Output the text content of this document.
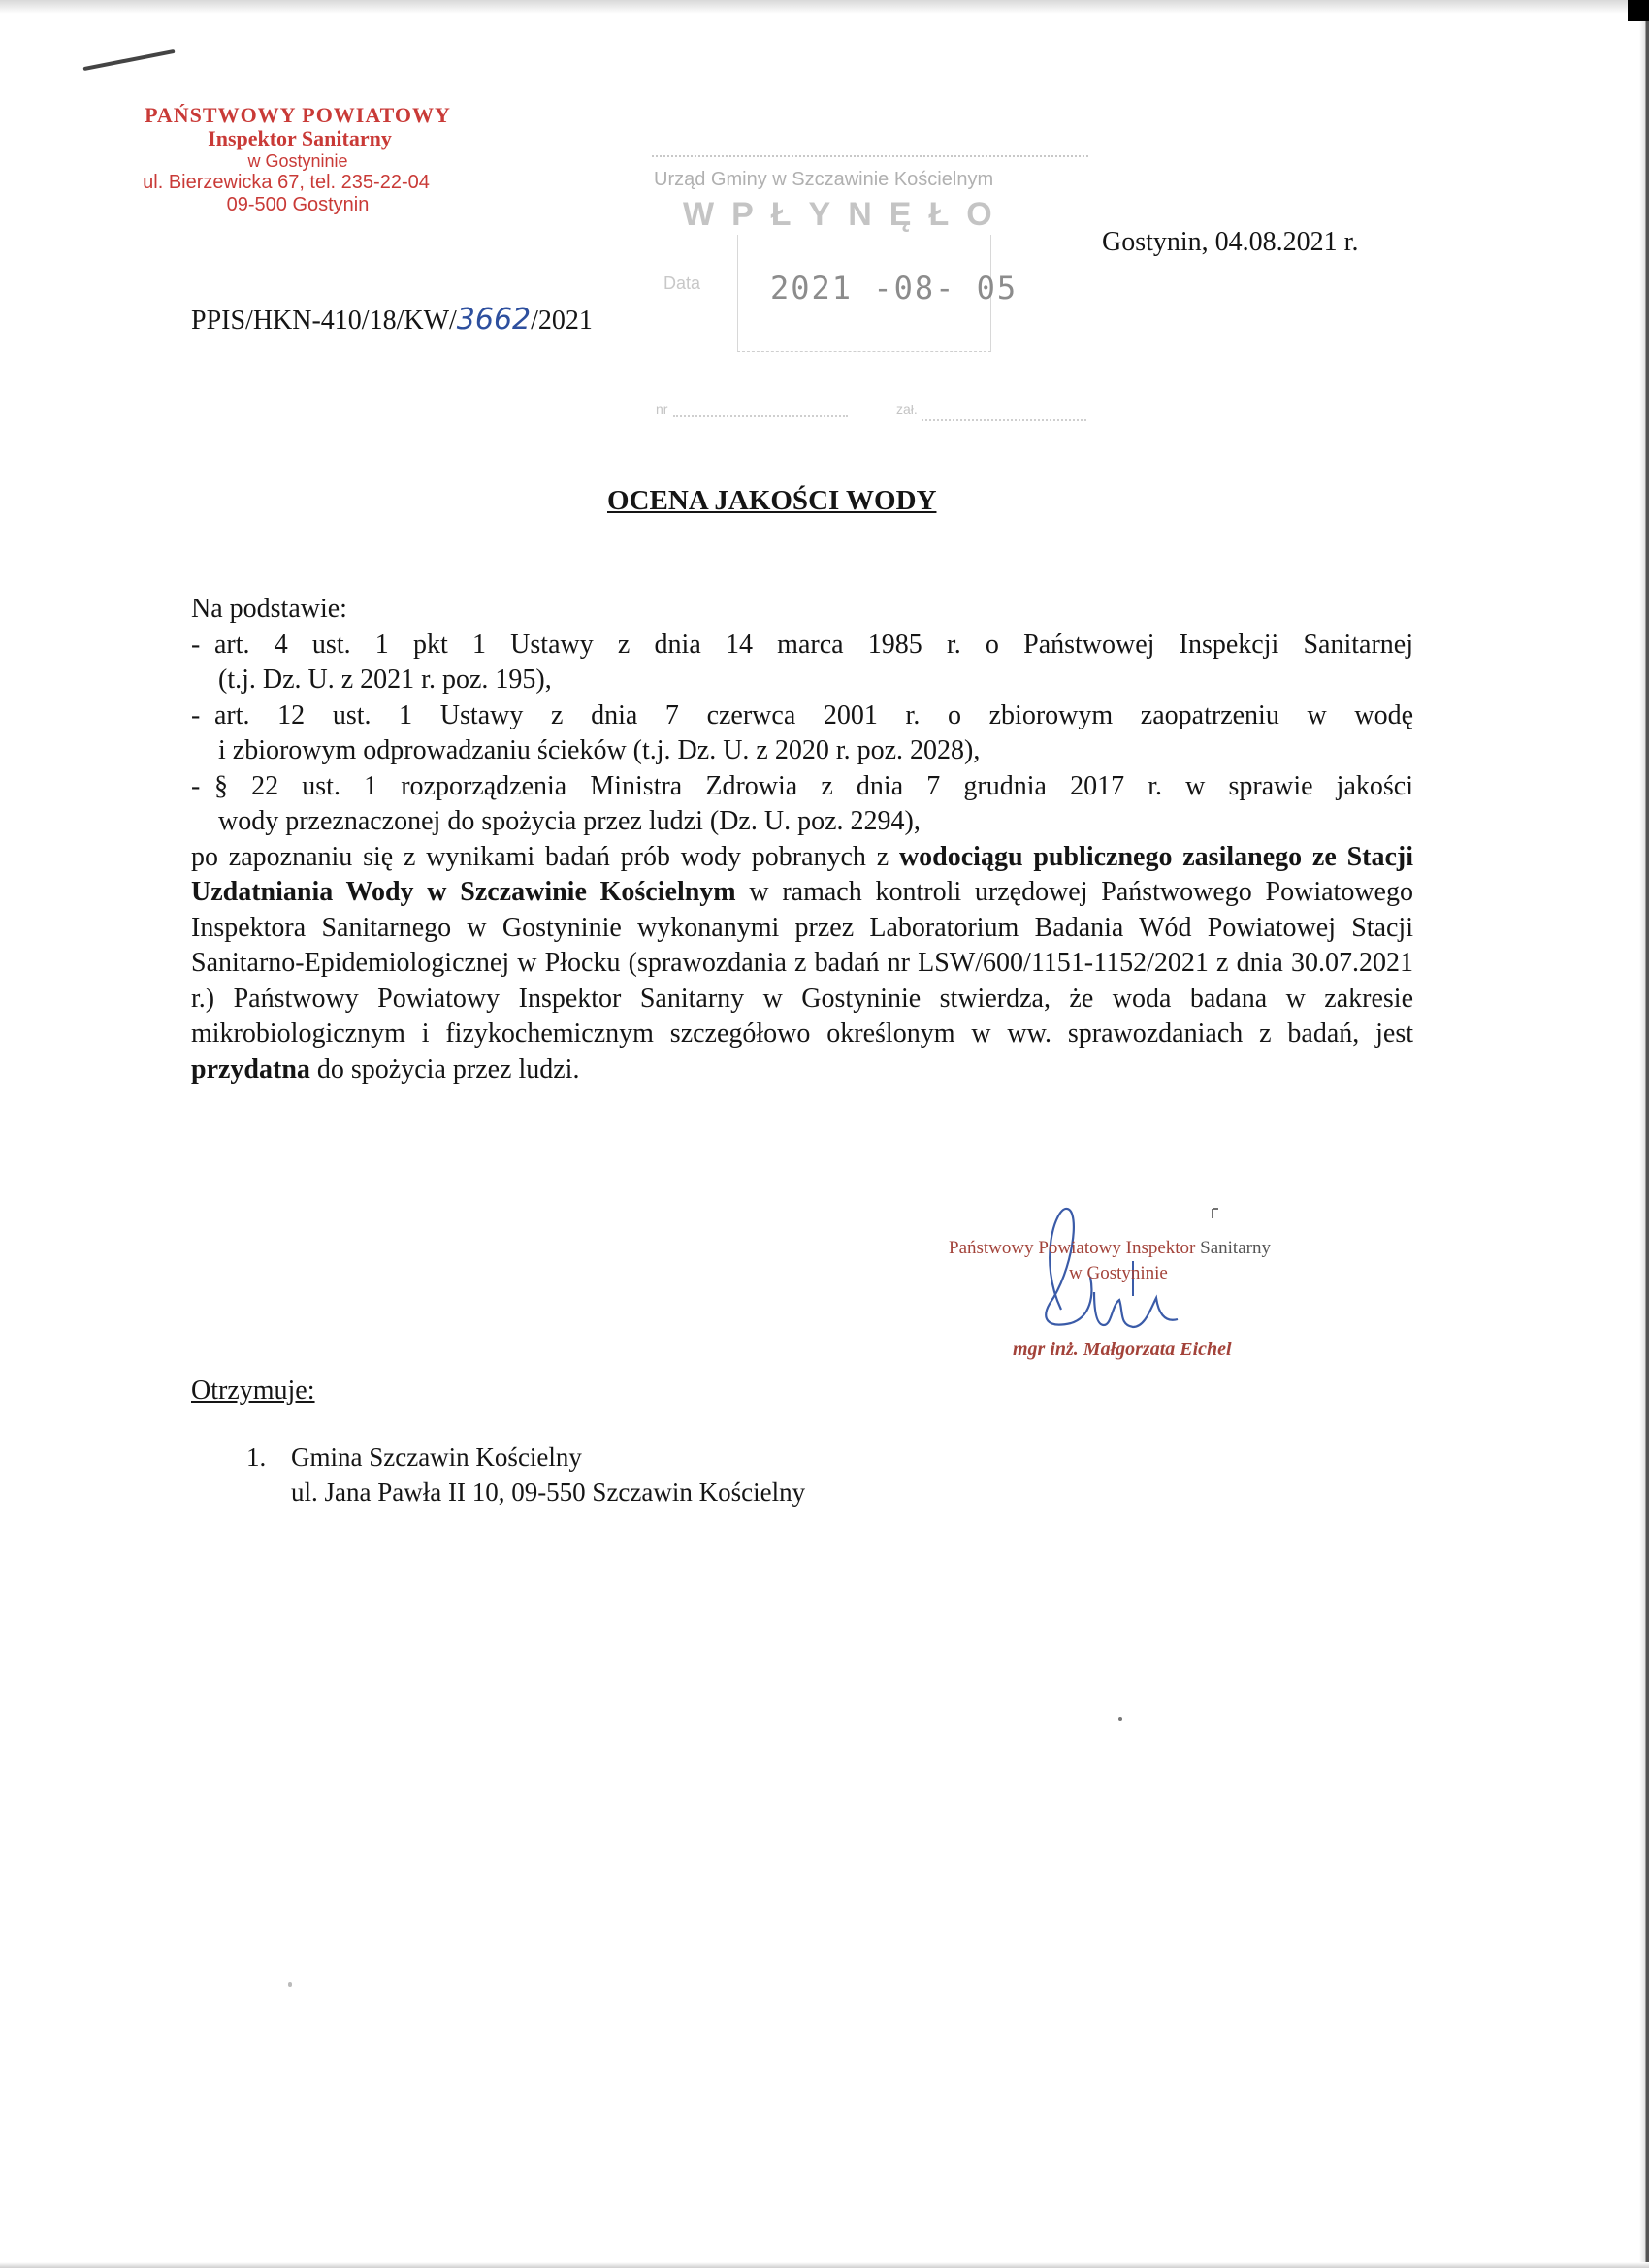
PAŃSTWOWY POWIATOWY
Inspektor Sanitarny
w Gostyninie
ul. Bierzewicka 67, tel. 235-22-04
09-500 Gostynin
Urząd Gminy w Szczawinie Kościelnym
WPŁYNĘŁO
Data 2021 -08- 05
nr	zał.
Gostynin, 04.08.2021 r.
PPIS/HKN-410/18/KW/3662/2021
OCENA JAKOŚCI WODY

Na podstawie:

- art. 4 ust. 1 pkt 1 Ustawy z dnia 14 marca 1985 r. o Państwowej Inspekcji Sanitarnej
(t.j. Dz. U. z 2021 r. poz. 195),
- art. 12 ust. 1 Ustawy z dnia 7 czerwca 2001 r. o zbiorowym zaopatrzeniu w wodę
i zbiorowym odprowadzaniu ścieków (t.j. Dz. U. z 2020 r. poz. 2028),
- § 22 ust. 1 rozporządzenia Ministra Zdrowia z dnia 7 grudnia 2017 r. w sprawie jakości
wody przeznaczonej do spożycia przez ludzi (Dz. U. poz. 2294),

po zapoznaniu się z wynikami badań prób wody pobranych z wodociągu publicznego zasilanego ze Stacji Uzdatniania Wody w Szczawinie Kościelnym w ramach kontroli urzędowej Państwowego Powiatowego Inspektora Sanitarnego w Gostyninie wykonanymi przez Laboratorium Badania Wód Powiatowej Stacji Sanitarno-Epidemiologicznej w Płocku (sprawozdania z badań nr LSW/600/1151-1152/2021 z dnia 30.07.2021 r.) Państwowy Powiatowy Inspektor Sanitarny w Gostyninie stwierdza, że woda badana w zakresie mikrobiologicznym i fizykochemicznym szczegółowo określonym w ww. sprawozdaniach z badań, jest przydatna do spożycia przez ludzi.

Państwowy Powiatowy Inspektor Sanitarny
w Gostyninie
mgr inż. Małgorzata Eichel
Otrzymuje:
1. Gmina Szczawin Kościelny
ul. Jana Pawła II 10, 09-550 Szczawin Kościelny
